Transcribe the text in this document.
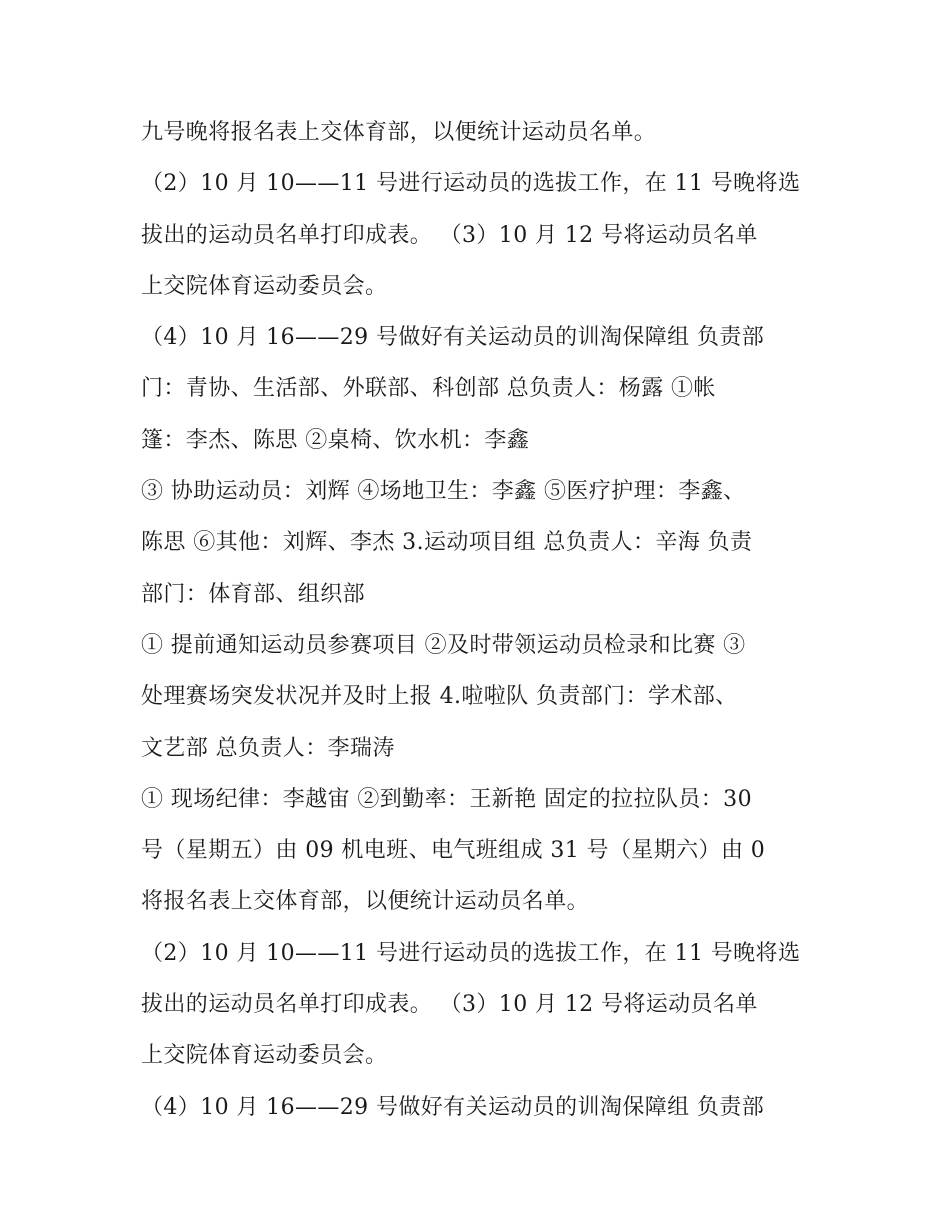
九号晚将报名表上交体育部，以便统计运动员名单。
（2）10 月 10——11 号进行运动员的选拔工作，在 11 号晚将选
拔出的运动员名单打印成表。 （3）10 月 12 号将运动员名单
上交院体育运动委员会。
（4）10 月 16——29 号做好有关运动员的训淘保障组 负责部
门：青协、生活部、外联部、科创部 总负责人：杨露 ①帐
篷：李杰、陈思 ②桌椅、饮水机：李鑫
③ 协助运动员：刘辉 ④场地卫生：李鑫 ⑤医疗护理：李鑫、
陈思 ⑥其他：刘辉、李杰 3.运动项目组 总负责人：辛海 负责
部门：体育部、组织部
① 提前通知运动员参赛项目 ②及时带领运动员检录和比赛 ③
处理赛场突发状况并及时上报 4.啦啦队 负责部门：学术部、
文艺部 总负责人：李瑞涛
① 现场纪律：李越宙 ②到勤率：王新艳 固定的拉拉队员：30
号（星期五）由 09 机电班、电气班组成 31 号（星期六）由 0
将报名表上交体育部，以便统计运动员名单。
（2）10 月 10——11 号进行运动员的选拔工作，在 11 号晚将选
拔出的运动员名单打印成表。 （3）10 月 12 号将运动员名单
上交院体育运动委员会。
（4）10 月 16——29 号做好有关运动员的训淘保障组 负责部
